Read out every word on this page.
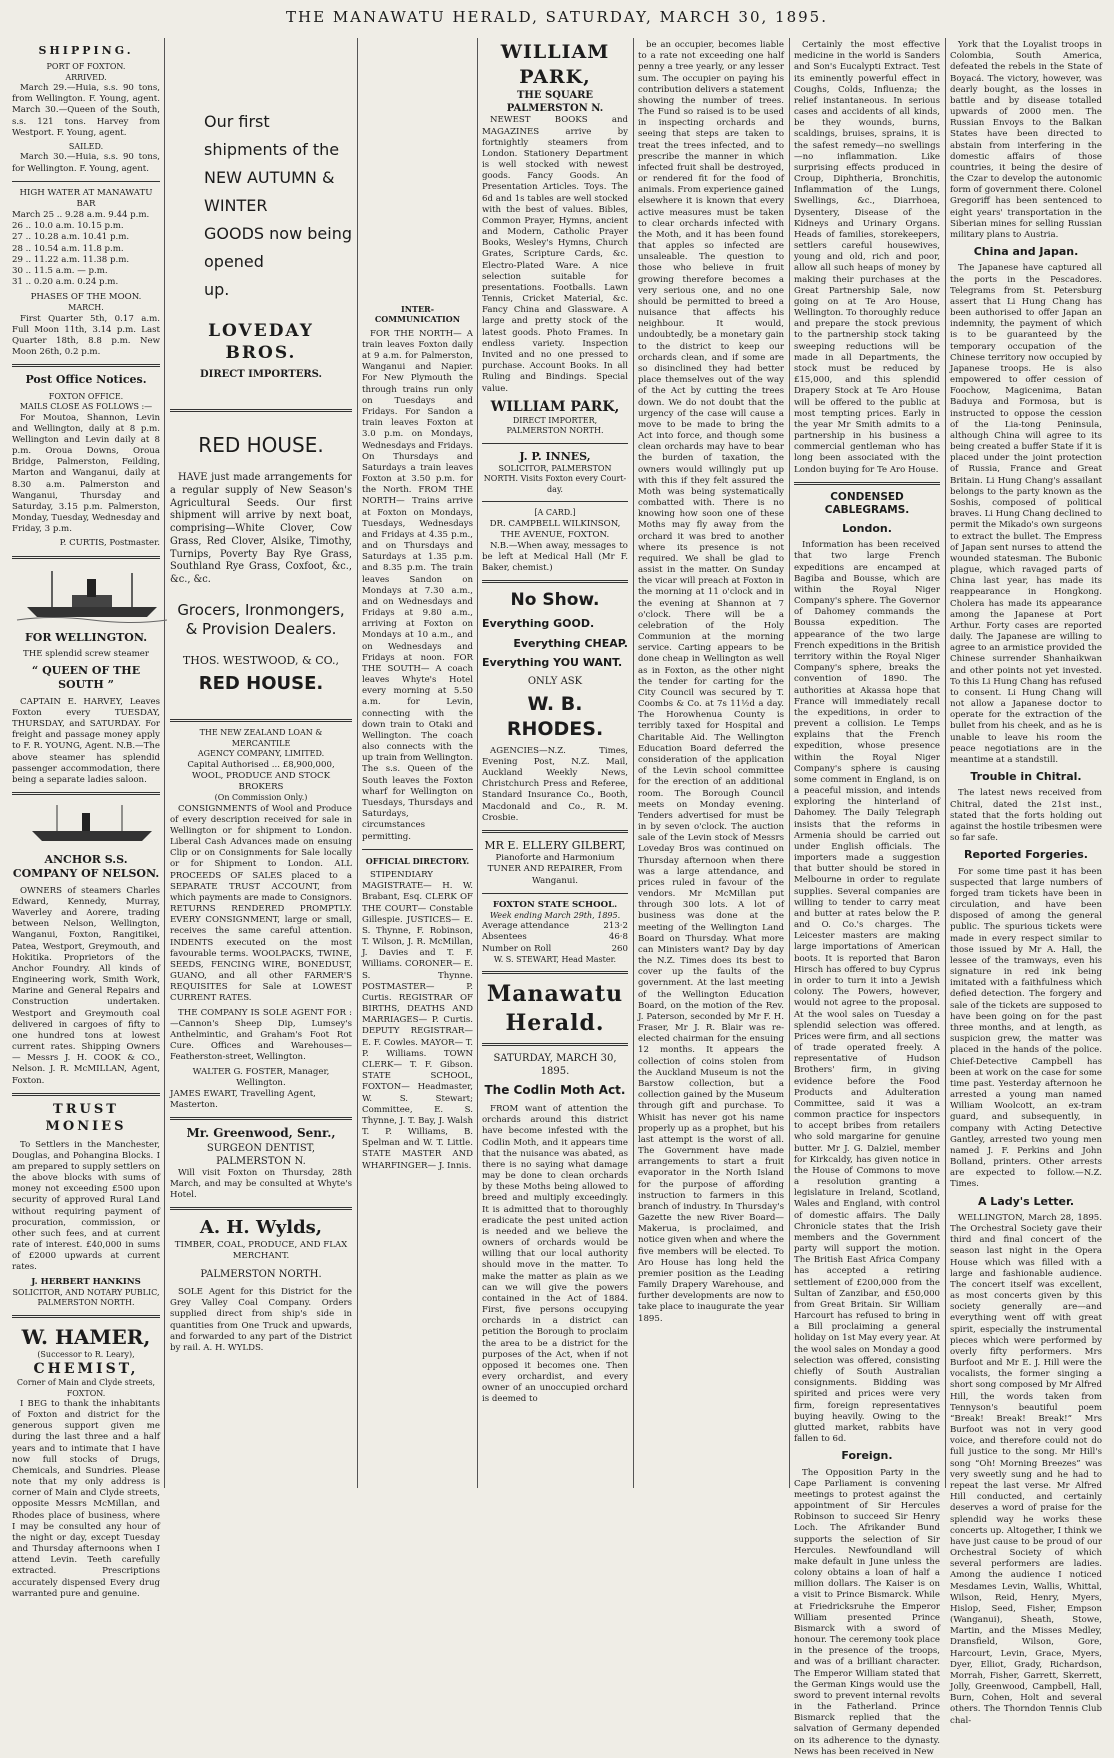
THE MANAWATU HERALD, SATURDAY, MARCH 30, 1895.
SHIPPING.
PORT OF FOXTON.
ARRIVED.

March 29.—Huia, s.s. 90 tons, from Wellington. F. Young, agent. March 30.—Queen of the South, s.s. 121 tons. Harvey from Westport. F. Young, agent.

SAILED.

March 30.—Huia, s.s. 90 tons, for Wellington. F. Young, agent.

HIGH WATER AT MANAWATU BAR
March 25 .. 9.28 a.m. 9.44 p.m.
26 .. 10.0 a.m. 10.15 p.m.
27 .. 10.28 a.m. 10.41 p.m.
28 .. 10.54 a.m. 11.8 p.m.
29 .. 11.22 a.m. 11.38 p.m.
30 .. 11.5 a.m. — p.m.
31 .. 0.20 a.m. 0.24 p.m.
PHASES OF THE MOON.
MARCH.

First Quarter 5th, 0.17 a.m. Full Moon 11th, 3.14 p.m. Last Quarter 18th, 8.8 p.m. New Moon 26th, 0.2 p.m.

Post Office Notices.
FOXTON OFFICE.
MAILS CLOSE AS FOLLOWS :—

For Moutoa, Shannon, Levin and Wellington, daily at 8 p.m. Wellington and Levin daily at 8 p.m. Oroua Downs, Oroua Bridge, Palmerston, Feilding, Marton and Wanganui, daily at 8.30 a.m. Palmerston and Wanganui, Thursday and Saturday, 3.15 p.m. Palmerston, Monday, Tuesday, Wednesday and Friday, 3 p.m.

P. CURTIS, Postmaster.
FOR WELLINGTON.
THE splendid screw steamer
“ QUEEN OF THE SOUTH ”

CAPTAIN E. HARVEY, Leaves Foxton every TUESDAY, THURSDAY, and SATURDAY. For freight and passage money apply to F. R. YOUNG, Agent. N.B.—The above steamer has splendid passenger accommodation, there being a separate ladies saloon.

ANCHOR S.S. COMPANY OF NELSON.

OWNERS of steamers Charles Edward, Kennedy, Murray, Waverley and Aorere, trading between Nelson, Wellington, Wanganui, Foxton, Rangitikei, Patea, Westport, Greymouth, and Hokitika. Proprietors of the Anchor Foundry. All kinds of Engineering work, Smith Work, Marine and General Repairs and Construction undertaken. Westport and Greymouth coal delivered in cargoes of fifty to one hundred tons at lowest current rates. Shipping Owners — Messrs J. H. COOK & CO., Nelson. J. R. McMILLAN, Agent, Foxton.

TRUST MONIES

To Settlers in the Manchester, Douglas, and Pohangina Blocks. I am prepared to supply settlers on the above blocks with sums of money not exceeding £500 upon security of approved Rural Land without requiring payment of procuration, commission, or other such fees, and at current rate of interest. £40,000 in sums of £2000 upwards at current rates.

J. HERBERT HANKINS
SOLICITOR, AND NOTARY PUBLIC, PALMERSTON NORTH.
W. HAMER,
(Successor to R. Leary),
CHEMIST,
Corner of Main and Clyde streets, FOXTON.

I BEG to thank the inhabitants of Foxton and district for the generous support given me during the last three and a half years and to intimate that I have now full stocks of Drugs, Chemicals, and Sundries. Please note that my only address is corner of Main and Clyde streets, opposite Messrs McMillan, and Rhodes place of business, where I may be consulted any hour of the night or day, except Tuesday and Thursday afternoons when I attend Levin. Teeth carefully extracted. Prescriptions accurately dispensed Every drug warranted pure and genuine.

Our first shipments of the
NEW AUTUMN & WINTER
GOODS now being opened
up.
LOVEDAY BROS.
DIRECT IMPORTERS.
RED HOUSE.

HAVE just made arrangements for a regular supply of New Season's Agricultural Seeds. Our first shipment will arrive by next boat, comprising—White Clover, Cow Grass, Red Clover, Alsike, Timothy, Turnips, Poverty Bay Rye Grass, Southland Rye Grass, Coxfoot, &c., &c., &c.

Grocers, Ironmongers, & Provision Dealers.
THOS. WESTWOOD, & CO.,
RED HOUSE.
THE NEW ZEALAND LOAN & MERCANTILE
AGENCY COMPANY, LIMITED.
Capital Authorised ... £8,900,000,
WOOL, PRODUCE AND STOCK BROKERS
(On Commission Only.)

CONSIGNMENTS of Wool and Produce of every description received for sale in Wellington or for shipment to London. Liberal Cash Advances made on ensuing Clip or on Consignments for Sale locally or for Shipment to London. ALL PROCEEDS OF SALES placed to a SEPARATE TRUST ACCOUNT, from which payments are made to Consignors. RETURNS RENDERED PROMPTLY. EVERY CONSIGNMENT, large or small, receives the same careful attention. INDENTS executed on the most favourable terms. WOOLPACKS, TWINE, SEEDS, FENCING WIRE, BONEDUST, GUANO, and all other FARMER'S REQUISITES for Sale at LOWEST CURRENT RATES.

THE COMPANY IS SOLE AGENT FOR :—Cannon's Sheep Dip, Lumsey's Anthelmintic, and Graham's Foot Rot Cure. Offices and Warehouses—Featherston-street, Wellington.

WALTER G. FOSTER, Manager, Wellington.
JAMES EWART, Travelling Agent, Masterton.
Mr. Greenwood, Senr.,
SURGEON DENTIST, PALMERSTON N.

Will visit Foxton on Thursday, 28th March, and may be consulted at Whyte's Hotel.

A. H. Wylds,
TIMBER, COAL, PRODUCE, AND FLAX MERCHANT.
PALMERSTON NORTH.

SOLE Agent for this District for the Grey Valley Coal Company. Orders supplied direct from ship's side in quantities from One Truck and upwards, and forwarded to any part of the District by rail. A. H. WYLDS.

INTER-COMMUNICATION

FOR THE NORTH— A train leaves Foxton daily at 9 a.m. for Palmerston, Wanganui and Napier. For New Plymouth the through trains run only on Tuesdays and Fridays. For Sandon a train leaves Foxton at 3.0 p.m. on Mondays, Wednesdays and Fridays. On Thursdays and Saturdays a train leaves Foxton at 3.50 p.m. for the North. FROM THE NORTH— Trains arrive at Foxton on Mondays, Tuesdays, Wednesdays and Fridays at 4.35 p.m., and on Thursdays and Saturdays at 1.35 p.m. and 8.35 p.m. The train leaves Sandon on Mondays at 7.30 a.m., and on Wednesdays and Fridays at 9.80 a.m., arriving at Foxton on Mondays at 10 a.m., and on Wednesdays and Fridays at noon. FOR THE SOUTH— A coach leaves Whyte's Hotel every morning at 5.50 a.m. for Levin, connecting with the down train to Otaki and Wellington. The coach also connects with the up train from Wellington. The s.s. Queen of the South leaves the Foxton wharf for Wellington on Tuesdays, Thursdays and Saturdays, circumstances permitting.

OFFICIAL DIRECTORY.

STIPENDIARY MAGISTRATE— H. W. Brabant, Esq. CLERK OF THE COURT— Constable Gillespie. JUSTICES— E. S. Thynne, F. Robinson, T. Wilson, J. R. McMillan, J. Davies and T. F. Williams. CORONER— E. S. Thynne. POSTMASTER— P. Curtis. REGISTRAR OF BIRTHS, DEATHS AND MARRIAGES— P. Curtis. DEPUTY REGISTRAR— E. F. Cowles. MAYOR— T. P. Williams. TOWN CLERK— T. F. Gibson. STATE SCHOOL, FOXTON— Headmaster, W. S. Stewart; Committee, E. S. Thynne, J. T. Bay, J. Walsh T. P. Williams, B. Spelman and W. T. Little. STATE MASTER AND WHARFINGER— J. Innis.

WILLIAM PARK,
THE SQUARE PALMERSTON N.

NEWEST BOOKS and MAGAZINES arrive by fortnightly steamers from London. Stationery Department is well stocked with newest goods. Fancy Goods. An Presentation Articles. Toys. The 6d and 1s tables are well stocked with the best of values. Bibles, Common Prayer, Hymns, ancient and Modern, Catholic Prayer Books, Wesley's Hymns, Church Grates, Scripture Cards, &c. Electro-Plated Ware. A nice selection suitable for presentations. Footballs. Lawn Tennis, Cricket Material, &c. Fancy China and Glassware. A large and pretty stock of the latest goods. Photo Frames. In endless variety. Inspection Invited and no one pressed to purchase. Account Books. In all Ruling and Bindings. Special value.

WILLIAM PARK,
DIRECT IMPORTER, PALMERSTON NORTH.
J. P. INNES,
SOLICITOR, PALMERSTON NORTH. Visits Foxton every Court-day.
[A CARD.]
DR. CAMPBELL WILKINSON, THE AVENUE, FOXTON.

N.B.—When away, messages to be left at Medical Hall (Mr F. Baker, chemist.)

No Show.
Everything GOOD.
Everything CHEAP.
Everything YOU WANT.
ONLY ASK
W. B. RHODES.

AGENCIES—N.Z. Times, Evening Post, N.Z. Mail, Auckland Weekly News, Christchurch Press and Referee, Standard Insurance Co., Booth, Macdonald and Co., R. M. Crosbie.

MR E. ELLERY GILBERT,
Pianoforte and Harmonium TUNER AND REPAIRER, From Wanganui.
FOXTON STATE SCHOOL.
Week ending March 29th, 1895.
Average attendance	213·2
Absentees	46·8
Number on Roll	260
W. S. STEWART, Head Master.
Manawatu Herald.
SATURDAY, MARCH 30, 1895.
The Codlin Moth Act.

FROM want of attention the orchards around this district have become infested with the Codlin Moth, and it appears time that the nuisance was abated, as there is no saying what damage may be done to clean orchards by these Moths being allowed to breed and multiply exceedingly. It is admitted that to thoroughly eradicate the pest united action is needed and we believe the owners of orchards would be willing that our local authority should move in the matter. To make the matter as plain as we can we will give the powers contained in the Act of 1884. First, five persons occupying orchards in a district can petition the Borough to proclaim the area to be a district for the purposes of the Act, when if not opposed it becomes one. Then every orchardist, and every owner of an unoccupied orchard is deemed to

be an occupier, becomes liable to a rate not exceeding one half penny a tree yearly, or any lesser sum. The occupier on paying his contribution delivers a statement showing the number of trees. The Fund so raised is to be used in inspecting orchards and seeing that steps are taken to treat the trees infected, and to prescribe the manner in which infected fruit shall be destroyed, or rendered fit for the food of animals. From experience gained elsewhere it is known that every active measures must be taken to clear orchards infected with the Moth, and it has been found that apples so infected are unsaleable. The question to those who believe in fruit growing therefore becomes a very serious one, and no one should be permitted to breed a nuisance that affects his neighbour. It would, undoubtedly, be a monetary gain to the district to keep our orchards clean, and if some are so disinclined they had better place themselves out of the way of the Act by cutting the trees down. We do not doubt that the urgency of the case will cause a move to be made to bring the Act into force, and though some clean orchards may have to bear the burden of taxation, the owners would willingly put up with this if they felt assured the Moth was being systematically combatted with. There is no knowing how soon one of these Moths may fly away from the orchard it was bred to another where its presence is not required. We shall be glad to assist in the matter. On Sunday the vicar will preach at Foxton in the morning at 11 o'clock and in the evening at Shannon at 7 o'clock. There will be a celebration of the Holy Communion at the morning service. Carting appears to be done cheap in Wellington as well as in Foxton, as the other night the tender for carting for the City Council was secured by T. Coombs & Co. at 7s 11½d a day. The Horowhenua County is terribly taxed for Hospital and Charitable Aid. The Wellington Education Board deferred the consideration of the application of the Levin school committee for the erection of an additional room. The Borough Council meets on Monday evening. Tenders advertised for must be in by seven o'clock. The auction sale of the Levin stock of Messrs Loveday Bros was continued on Thursday afternoon when there was a large attendance, and prices ruled in favour of the vendors. Mr McMillan put through 300 lots. A lot of business was done at the meeting of the Wellington Land Board on Thursday. What more can Ministers want? Day by day the N.Z. Times does its best to cover up the faults of the government. At the last meeting of the Wellington Education Board, on the motion of the Rev. J. Paterson, seconded by Mr F. H. Fraser, Mr J. R. Blair was re-elected chairman for the ensuing 12 months. It appears the collection of coins stolen from the Auckland Museum is not the Barstow collection, but a collection gained by the Museum through gift and purchase. To Whisit has never got his name properly up as a prophet, but his last attempt is the worst of all. The Government have made arrangements to start a fruit evaporator in the North Island for the purpose of affording instruction to farmers in this branch of industry. In Thursday's Gazette the new River Board—Makerua, is proclaimed, and notice given when and where the five members will be elected. To Aro House has long held the premier position as the Leading Family Drapery Warehouse, and further developments are now to take place to inaugurate the year 1895.

Certainly the most effective medicine in the world is Sanders and Son's Eucalypti Extract. Test its eminently powerful effect in Coughs, Colds, Influenza; the relief instantaneous. In serious cases and accidents of all kinds, be they wounds, burns, scaldings, bruises, sprains, it is the safest remedy—no swellings—no inflammation. Like surprising effects produced in Croup, Diphtheria, Bronchitis, Inflammation of the Lungs, Swellings, &c., Diarrhoea, Dysentery, Disease of the Kidneys and Urinary Organs. Heads of families, storekeepers, settlers careful housewives, young and old, rich and poor, allow all such heaps of money by making their purchases at the Great Partnership Sale, now going on at Te Aro House, Wellington. To thoroughly reduce and prepare the stock previous to the partnership stock taking sweeping reductions will be made in all Departments, the stock must be reduced by £15,000, and this splendid Drapery Stock at Te Aro House will be offered to the public at most tempting prices. Early in the year Mr Smith admits to a partnership in his business a commercial gentleman who has long been associated with the London buying for Te Aro House.

CONDENSED CABLEGRAMS.
London.

Information has been received that two large French expeditions are encamped at Bagiba and Bousse, which are within the Royal Niger Company's sphere. The Governor of Dahomey commands the Boussa expedition. The appearance of the two large French expeditions in the British territory within the Royal Niger Company's sphere, breaks the convention of 1890. The authorities at Akassa hope that France will immediately recall the expeditions, in order to prevent a collision. Le Temps explains that the French expedition, whose presence within the Royal Niger Company's sphere is causing some comment in England, is on a peaceful mission, and intends exploring the hinterland of Dahomey. The Daily Telegraph insists that the reforms in Armenia should be carried out under English officials. The importers made a suggestion that butter should be stored in Melbourne in order to regulate supplies. Several companies are willing to tender to carry meat and butter at rates below the P. and O. Co.'s charges. The Leicester masters are making large importations of American boots. It is reported that Baron Hirsch has offered to buy Cyprus in order to turn it into a Jewish colony. The Powers, however, would not agree to the proposal. At the wool sales on Tuesday a splendid selection was offered. Prices were firm, and all sections of trade operated freely. A representative of Hudson Brothers' firm, in giving evidence before the Food Products and Adulteration Committee, said it was a common practice for inspectors to accept bribes from retailers who sold margarine for genuine butter. Mr J. G. Dalziel, member for Kirkcaldy, has given notice in the House of Commons to move a resolution granting a legislature in Ireland, Scotland, Wales and England, with control of domestic affairs. The Daily Chronicle states that the Irish members and the Government party will support the motion. The British East Africa Company has accepted a retiring settlement of £200,000 from the Sultan of Zanzibar, and £50,000 from Great Britain. Sir William Harcourt has refused to bring in a Bill proclaiming a general holiday on 1st May every year. At the wool sales on Monday a good selection was offered, consisting chiefly of South Australian consignments. Bidding was spirited and prices were very firm, foreign representatives buying heavily. Owing to the glutted market, rabbits have fallen to 6d.

Foreign.

The Opposition Party in the Cape Parliament is convening meetings to protest against the appointment of Sir Hercules Robinson to succeed Sir Henry Loch. The Afrikander Bund supports the selection of Sir Hercules. Newfoundland will make default in June unless the colony obtains a loan of half a million dollars. The Kaiser is on a visit to Prince Bismarck. While at Friedricksruhe the Emperor William presented Prince Bismarck with a sword of honour. The ceremony took place in the presence of the troops, and was of a brilliant character. The Emperor William stated that the German Kings would use the sword to prevent internal revolts in the Fatherland. Prince Bismarck replied that the salvation of Germany depended on its adherence to the dynasty. News has been received in New

York that the Loyalist troops in Colombia, South America, defeated the rebels in the State of Boyacá. The victory, however, was dearly bought, as the losses in battle and by disease totalled upwards of 2000 men. The Russian Envoys to the Balkan States have been directed to abstain from interfering in the domestic affairs of those countries, it being the desire of the Czar to develop the autonomic form of government there. Colonel Gregoriff has been sentenced to eight years' transportation in the Siberian mines for selling Russian military plans to Austria.

China and Japan.

The Japanese have captured all the ports in the Pescadores. Telegrams from St. Petersburg assert that Li Hung Chang has been authorised to offer Japan an indemnity, the payment of which is to be guaranteed by the temporary occupation of the Chinese territory now occupied by Japanese troops. He is also empowered to offer cession of Foochow, Magicenima, Batan Baduya and Formosa, but is instructed to oppose the cession of the Lia-tong Peninsula, although China will agree to its being created a buffer State if it is placed under the joint protection of Russia, France and Great Britain. Li Hung Chang's assailant belongs to the party known as the Soshis, composed of political braves. Li Hung Chang declined to permit the Mikado's own surgeons to extract the bullet. The Empress of Japan sent nurses to attend the wounded statesman. The Bubonic plague, which ravaged parts of China last year, has made its reappearance in Hongkong. Cholera has made its appearance among the Japanese at Port Arthur. Forty cases are reported daily. The Japanese are willing to agree to an armistice provided the Chinese surrender Shanhaikwan and other points not yet invested. To this Li Hung Chang has refused to consent. Li Hung Chang will not allow a Japanese doctor to operate for the extraction of the bullet from his cheek, and as he is unable to leave his room the peace negotiations are in the meantime at a standstill.

Trouble in Chitral.

The latest news received from Chitral, dated the 21st inst., stated that the forts holding out against the hostile tribesmen were so far safe.

Reported Forgeries.

For some time past it has been suspected that large numbers of forged tram tickets have been in circulation, and have been disposed of among the general public. The spurious tickets were made in every respect similar to those issued by Mr A. Hall, the lessee of the tramways, even his signature in red ink being imitated with a faithfulness which defied detection. The forgery and sale of the tickets are supposed to have been going on for the past three months, and at length, as suspicion grew, the matter was placed in the hands of the police. Chief-Detective Campbell has been at work on the case for some time past. Yesterday afternoon he arrested a young man named William Woolcott, an ex-tram guard, and subsequently, in company with Acting Detective Gantley, arrested two young men named J. F. Perkins and John Bolland, printers. Other arrests are expected to follow.—N.Z. Times.

A Lady's Letter.

WELLINGTON, March 28, 1895. The Orchestral Society gave their third and final concert of the season last night in the Opera House which was filled with a large and fashionable audience. The concert itself was excellent, as most concerts given by this society generally are—and everything went off with great spirit, especially the instrumental pieces which were performed by overly fifty performers. Mrs Burfoot and Mr E. J. Hill were the vocalists, the former singing a short song composed by Mr Alfred Hill, the words taken from Tennyson's beautiful poem “Break! Break! Break!” Mrs Burfoot was not in very good voice, and therefore could not do full justice to the song. Mr Hill's song “Oh! Morning Breezes” was very sweetly sung and he had to repeat the last verse. Mr Alfred Hill conducted, and certainly deserves a word of praise for the splendid way he works these concerts up. Altogether, I think we have just cause to be proud of our Orchestral Society of which several performers are ladies. Among the audience I noticed Mesdames Levin, Wallis, Whittal, Wilson, Reid, Henry, Myers, Hislop, Seed, Fisher, Empson (Wanganui), Sheath, Stowe, Martin, and the Misses Medley, Dransfield, Wilson, Gore, Harcourt, Levin, Grace, Myers, Dyer, Elliot, Grady, Richardson, Morrah, Fisher, Garrett, Skerrett, Jolly, Greenwood, Campbell, Hall, Burn, Cohen, Holt and several others. The Thorndon Tennis Club chal-
